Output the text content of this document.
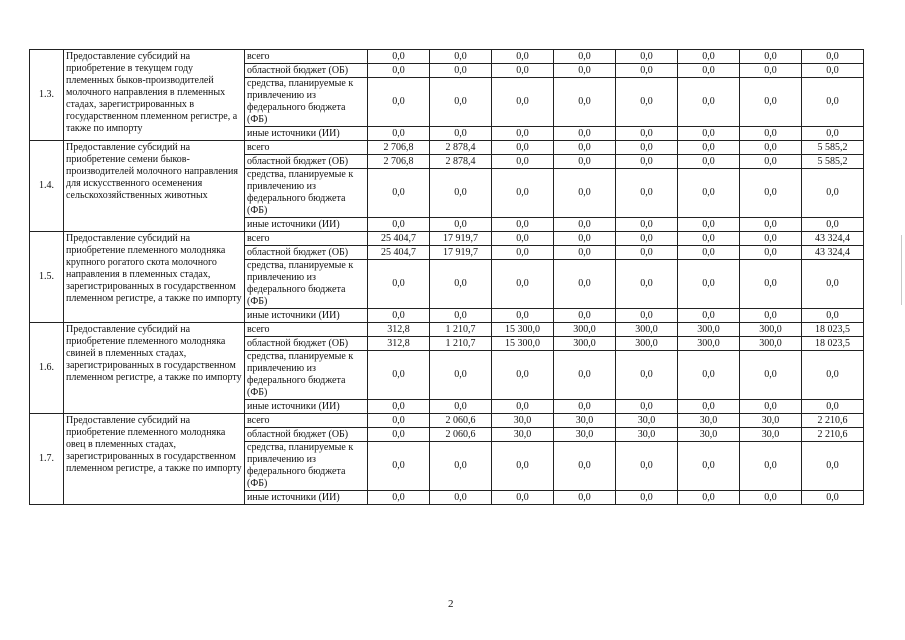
1.3.	Предоставление субсидий на приобретение в текущем году племенных быков-производителей молочного направления в племенных стадах, зарегистрированных в государственном племенном регистре, а также по импорту	всего	0,0	0,0	0,0	0,0	0,0	0,0	0,0	0,0
		областной бюджет (ОБ)	0,0	0,0	0,0	0,0	0,0	0,0	0,0	0,0
		средства, планируемые к привлечению из федерального бюджета (ФБ)	0,0	0,0	0,0	0,0	0,0	0,0	0,0	0,0
		иные источники (ИИ)	0,0	0,0	0,0	0,0	0,0	0,0	0,0	0,0
1.4.	Предоставление субсидий на приобретение семени быков-производителей молочного направления для искусственного осеменения сельскохозяйственных животных	всего	2 706,8	2 878,4	0,0	0,0	0,0	0,0	0,0	5 585,2
		областной бюджет (ОБ)	2 706,8	2 878,4	0,0	0,0	0,0	0,0	0,0	5 585,2
		средства, планируемые к привлечению из федерального бюджета (ФБ)	0,0	0,0	0,0	0,0	0,0	0,0	0,0	0,0
		иные источники (ИИ)	0,0	0,0	0,0	0,0	0,0	0,0	0,0	0,0
1.5.	Предоставление субсидий на приобретение племенного молодняка крупного рогатого скота молочного направления в племенных стадах, зарегистрированных в государственном племенном регистре, а также по импорту	всего	25 404,7	17 919,7	0,0	0,0	0,0	0,0	0,0	43 324,4
		областной бюджет (ОБ)	25 404,7	17 919,7	0,0	0,0	0,0	0,0	0,0	43 324,4
		средства, планируемые к привлечению из федерального бюджета (ФБ)	0,0	0,0	0,0	0,0	0,0	0,0	0,0	0,0
		иные источники (ИИ)	0,0	0,0	0,0	0,0	0,0	0,0	0,0	0,0
1.6.	Предоставление субсидий на приобретение племенного молодняка свиней в племенных стадах, зарегистрированных в государственном племенном регистре, а также по импорту	всего	312,8	1 210,7	15 300,0	300,0	300,0	300,0	300,0	18 023,5
		областной бюджет (ОБ)	312,8	1 210,7	15 300,0	300,0	300,0	300,0	300,0	18 023,5
		средства, планируемые к привлечению из федерального бюджета (ФБ)	0,0	0,0	0,0	0,0	0,0	0,0	0,0	0,0
		иные источники (ИИ)	0,0	0,0	0,0	0,0	0,0	0,0	0,0	0,0
1.7.	Предоставление субсидий на приобретение племенного молодняка овец в племенных стадах, зарегистрированных в государственном племенном регистре, а также по импорту	всего	0,0	2 060,6	30,0	30,0	30,0	30,0	30,0	2 210,6
		областной бюджет (ОБ)	0,0	2 060,6	30,0	30,0	30,0	30,0	30,0	2 210,6
		средства, планируемые к привлечению из федерального бюджета (ФБ)	0,0	0,0	0,0	0,0	0,0	0,0	0,0	0,0
		иные источники (ИИ)	0,0	0,0	0,0	0,0	0,0	0,0	0,0	0,0
2
